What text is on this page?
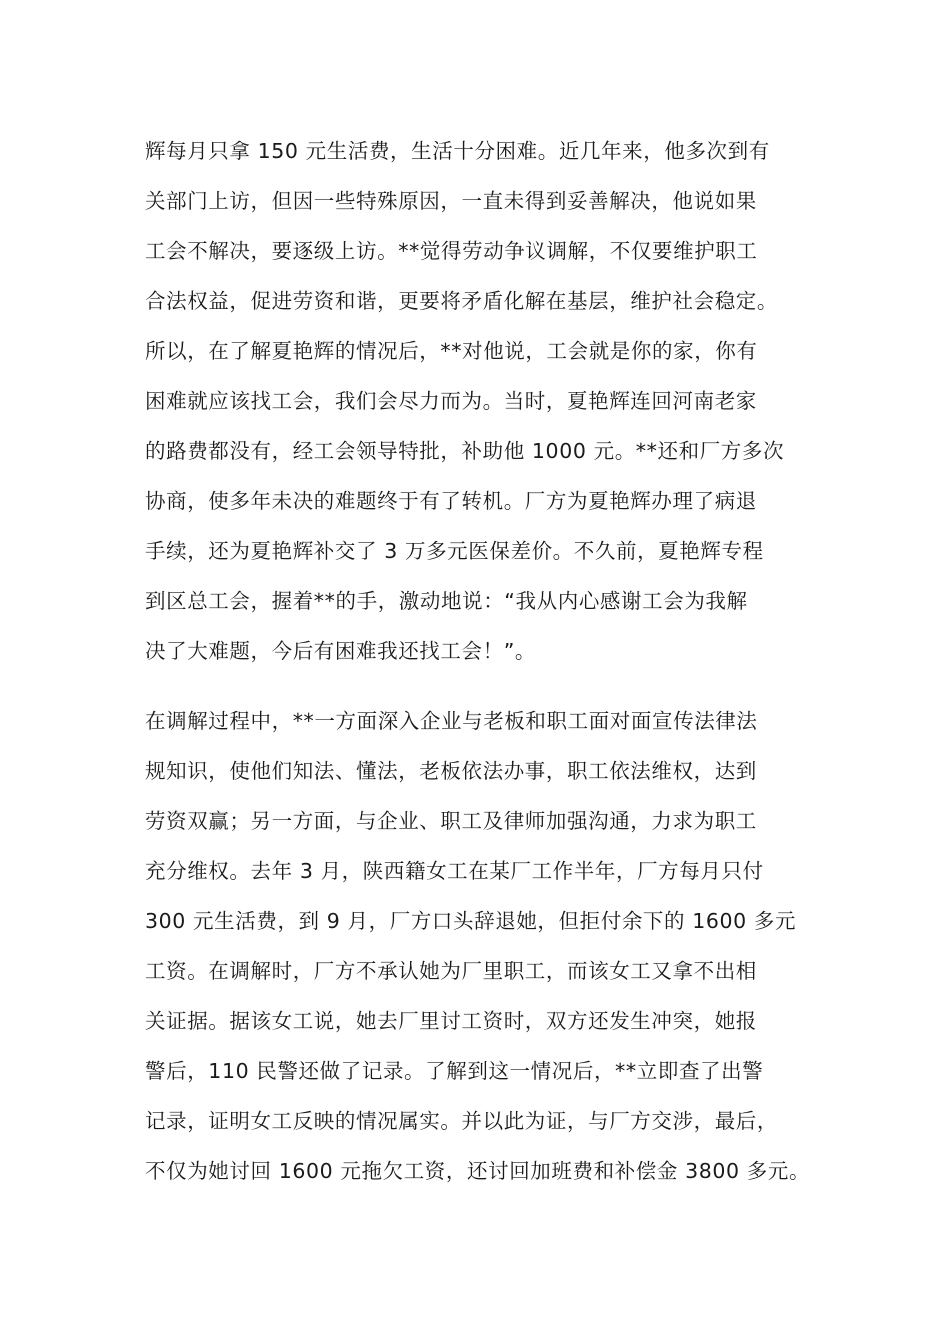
辉每月只拿 150 元生活费，生活十分困难。近几年来，他多次到有
关部门上访，但因一些特殊原因，一直未得到妥善解决，他说如果
工会不解决，要逐级上访。**觉得劳动争议调解，不仅要维护职工
合法权益，促进劳资和谐，更要将矛盾化解在基层，维护社会稳定。
所以，在了解夏艳辉的情况后，**对他说，工会就是你的家，你有
困难就应该找工会，我们会尽力而为。当时，夏艳辉连回河南老家
的路费都没有，经工会领导特批，补助他 1000 元。**还和厂方多次
协商，使多年未决的难题终于有了转机。厂方为夏艳辉办理了病退
手续，还为夏艳辉补交了 3 万多元医保差价。不久前，夏艳辉专程
到区总工会，握着**的手，激动地说：“我从内心感谢工会为我解
决了大难题，今后有困难我还找工会！”。
在调解过程中，**一方面深入企业与老板和职工面对面宣传法律法
规知识，使他们知法、懂法，老板依法办事，职工依法维权，达到
劳资双赢；另一方面，与企业、职工及律师加强沟通，力求为职工
充分维权。去年 3 月，陕西籍女工在某厂工作半年，厂方每月只付
300 元生活费，到 9 月，厂方口头辞退她，但拒付余下的 1600 多元
工资。在调解时，厂方不承认她为厂里职工，而该女工又拿不出相
关证据。据该女工说，她去厂里讨工资时，双方还发生冲突，她报
警后，110 民警还做了记录。了解到这一情况后，**立即查了出警
记录，证明女工反映的情况属实。并以此为证，与厂方交涉，最后，
不仅为她讨回 1600 元拖欠工资，还讨回加班费和补偿金 3800 多元。
